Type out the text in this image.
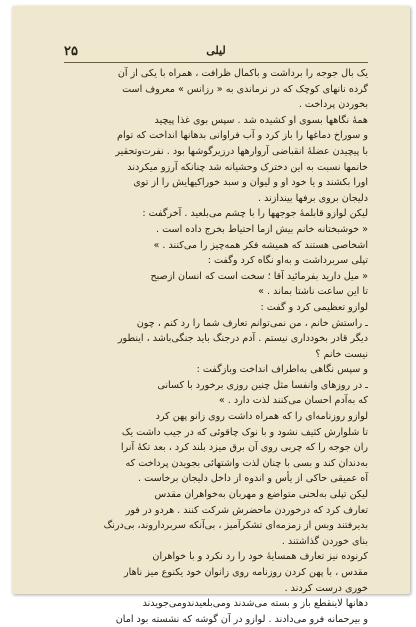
۲۵	لیلی
یک بال جوجه را برداشت و باکمال ظرافت ، همراه با یکی از آن
گرده نانهای کوچک که در نرماندی به « رزانس » معروف است
بخوردن پرداخت .
همهٔ نگاهها بسوی او کشیده شد . سپس بوی غذا پیچید
و سوراخ دماغها را باز کرد و آب فراوانی بدهانها انداخت که توام
با پیچیدن عضلهٔ انقباضی آروارهها درزیرگوشها بود . نفرت‌وتحقیر
خانمها نسبت به این دخترک وحشیانه شد چنانکه آرزو میکردند
اورا بکشند و یا خود او و لیوان و سبد خوراکیهایش را از توی
دلیجان بروی برفها بیندازند .
لیکن لوازو قابلمهٔ جوجهها را با چشم می‌بلعید . آخرگفت :
« خوشبختانه خانم بیش ازما احتیاط بخرج داده است .
اشخاصی هستند که همیشه فکر همه‌چیز را می‌کنند . »
تپلی سربرداشت و به‌او نگاه کرد وگفت :
« میل دارید بفرمائید آقا ؛ سخت است که انسان ازصبح
تا این ساعت ناشتا بماند . »
لوازو تعظیمی کرد و گفت :
ـ راستش خانم ، من نمی‌توانم تعارف شما را رد کنم ، چون
دیگر قادر بخودداری نیستم . آدم درجنگ باید جنگی‌باشد ، اینطور
نیست خانم ؟
و سپس نگاهی به‌اطراف انداخت وبازگفت :
ـ در روزهای وانفسا مثل چنین روزی برخورد با کسانی
که به‌آدم احسان می‌کنند لذت دارد . »
لوازو روزنامه‌ای را که همراه داشت روی زانو پهن کرد
تا شلوارش کثیف نشود و با نوک چاقوئی که در جیب داشت یک
ران جوجه را که چربی روی آن برق میزد بلند کرد ، بعد تکهٔ آنرا
به‌دندان کند و بسی با چنان لذت واشتهائی بجویدن پرداخت که
آه عمیقی حاکی از یأس و اندوه از داخل دلیجان برخاست .
لیکن تپلی به‌لحنی متواضع و مهربان به‌خواهران مقدس
تعارف کرد که درخوردن ماحضرش شرکت کنند . هردو در فور
بدیرفتند وبس از زمزمه‌ای تشکرآمیز ، بی‌آنکه سربرداروند، بی‌درنگ
بنای خوردن گذاشتند .
کرنوده نیز تعارف همسایهٔ خود را رد نکرد و با خواهران
مقدس ، با پهن کردن روزنامه روی زانوان خود یکنوع میز ناهار
خوری درست کردند .
دهانها لاینقطع باز و بسته می‌شدند ومی‌بلعیدندومی‌جویدند
و بیرحمانه فرو می‌دادند . لوازو در آن گوشه که نشسته بود امان
